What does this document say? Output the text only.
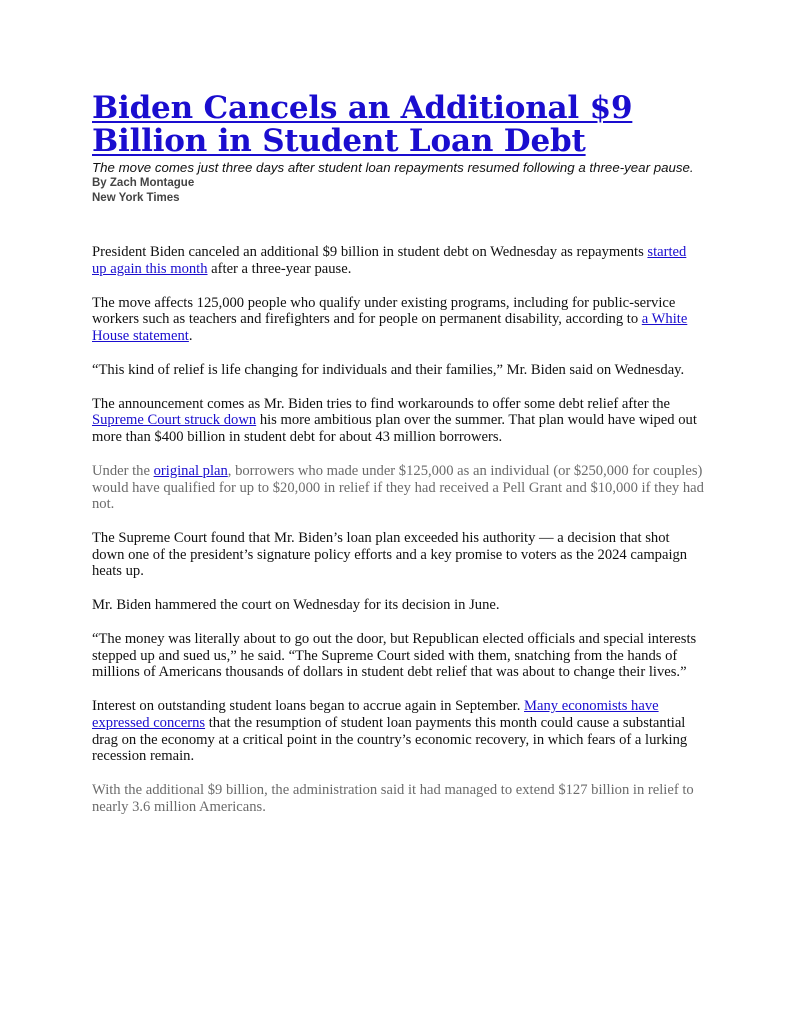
Biden Cancels an Additional $9
Billion in Student Loan Debt

The move comes just three days after student loan repayments resumed following a three-year pause.

By Zach Montague

New York Times

President Biden canceled an additional $9 billion in student debt on Wednesday as repayments started up again this month after a three-year pause.

The move affects 125,000 people who qualify under existing programs, including for public-service workers such as teachers and firefighters and for people on permanent disability, according to a White House statement.

“This kind of relief is life changing for individuals and their families,” Mr. Biden said on Wednesday.

The announcement comes as Mr. Biden tries to find workarounds to offer some debt relief after the Supreme Court struck down his more ambitious plan over the summer. That plan would have wiped out more than $400 billion in student debt for about 43 million borrowers.

Under the original plan, borrowers who made under $125,000 as an individual (or $250,000 for couples) would have qualified for up to $20,000 in relief if they had received a Pell Grant and $10,000 if they had not.

The Supreme Court found that Mr. Biden’s loan plan exceeded his authority — a decision that shot down one of the president’s signature policy efforts and a key promise to voters as the 2024 campaign heats up.

Mr. Biden hammered the court on Wednesday for its decision in June.

“The money was literally about to go out the door, but Republican elected officials and special interests stepped up and sued us,” he said. “The Supreme Court sided with them, snatching from the hands of millions of Americans thousands of dollars in student debt relief that was about to change their lives.”

Interest on outstanding student loans began to accrue again in September. Many economists have expressed concerns that the resumption of student loan payments this month could cause a substantial drag on the economy at a critical point in the country’s economic recovery, in which fears of a lurking recession remain.

With the additional $9 billion, the administration said it had managed to extend $127 billion in relief to nearly 3.6 million Americans.
